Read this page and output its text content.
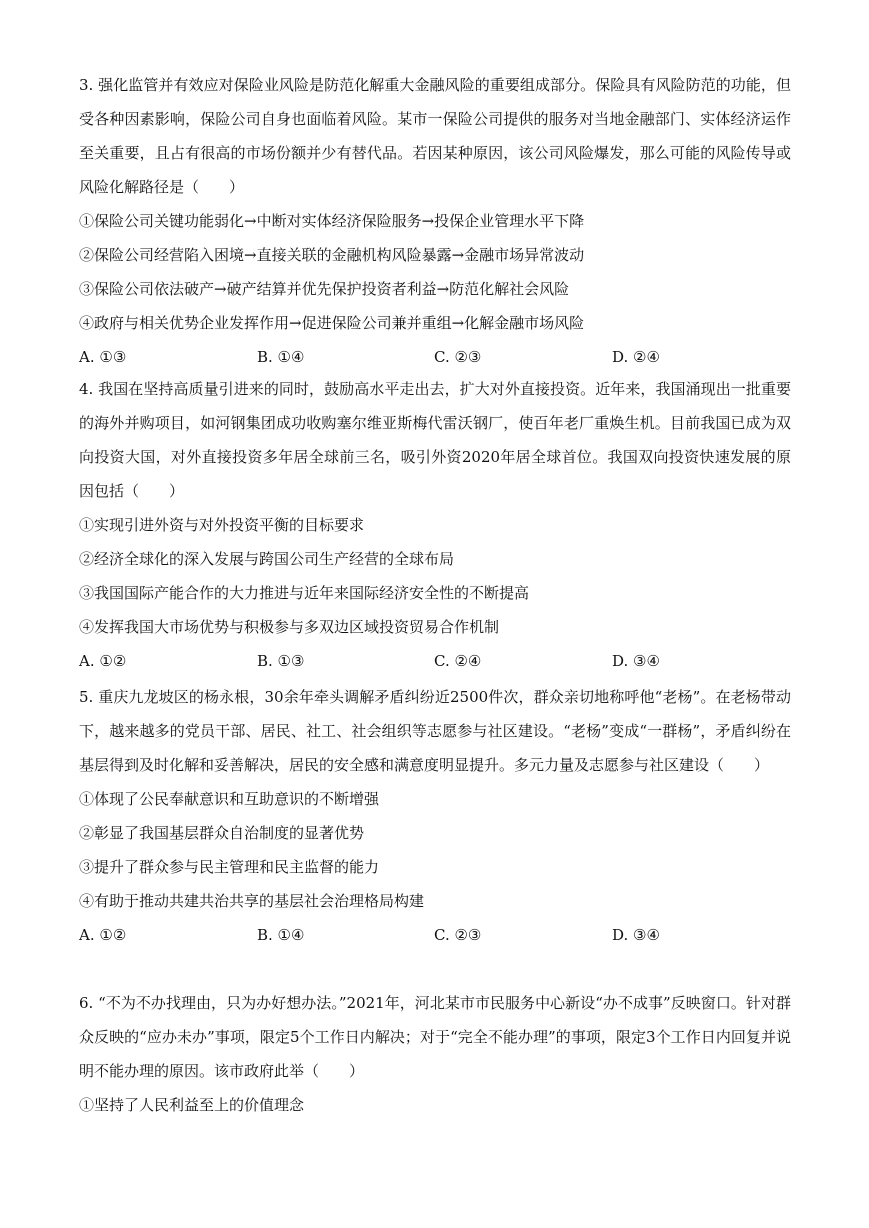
3. 强化监管并有效应对保险业风险是防范化解重大金融风险的重要组成部分。保险具有风险防范的功能，但受各种因素影响，保险公司自身也面临着风险。某市一保险公司提供的服务对当地金融部门、实体经济运作至关重要，且占有很高的市场份额并少有替代品。若因某种原因，该公司风险爆发，那么可能的风险传导或风险化解路径是（　　）

①保险公司关键功能弱化→中断对实体经济保险服务→投保企业管理水平下降

②保险公司经营陷入困境→直接关联的金融机构风险暴露→金融市场异常波动

③保险公司依法破产→破产结算并优先保护投资者利益→防范化解社会风险

④政府与相关优势企业发挥作用→促进保险公司兼并重组→化解金融市场风险

A. ①③	B. ①④	C. ②③	D. ②④

4. 我国在坚持高质量引进来的同时，鼓励高水平走出去，扩大对外直接投资。近年来，我国涌现出一批重要的海外并购项目，如河钢集团成功收购塞尔维亚斯梅代雷沃钢厂，使百年老厂重焕生机。目前我国已成为双向投资大国，对外直接投资多年居全球前三名，吸引外资2020年居全球首位。我国双向投资快速发展的原因包括（　　）

①实现引进外资与对外投资平衡的目标要求

②经济全球化的深入发展与跨国公司生产经营的全球布局

③我国国际产能合作的大力推进与近年来国际经济安全性的不断提高

④发挥我国大市场优势与积极参与多双边区域投资贸易合作机制

A. ①②	B. ①③	C. ②④	D. ③④

5. 重庆九龙坡区的杨永根，30余年牵头调解矛盾纠纷近2500件次，群众亲切地称呼他“老杨”。在老杨带动下，越来越多的党员干部、居民、社工、社会组织等志愿参与社区建设。“老杨”变成“一群杨”，矛盾纠纷在基层得到及时化解和妥善解决，居民的安全感和满意度明显提升。多元力量及志愿参与社区建设（　　）

①体现了公民奉献意识和互助意识的不断增强

②彰显了我国基层群众自治制度的显著优势

③提升了群众参与民主管理和民主监督的能力

④有助于推动共建共治共享的基层社会治理格局构建

A. ①②	B. ①④	C. ②③	D. ③④

6. “不为不办找理由，只为办好想办法。”2021年，河北某市市民服务中心新设“办不成事”反映窗口。针对群众反映的“应办未办”事项，限定5个工作日内解决；对于“完全不能办理”的事项，限定3个工作日内回复并说明不能办理的原因。该市政府此举（　　）

①坚持了人民利益至上的价值理念
